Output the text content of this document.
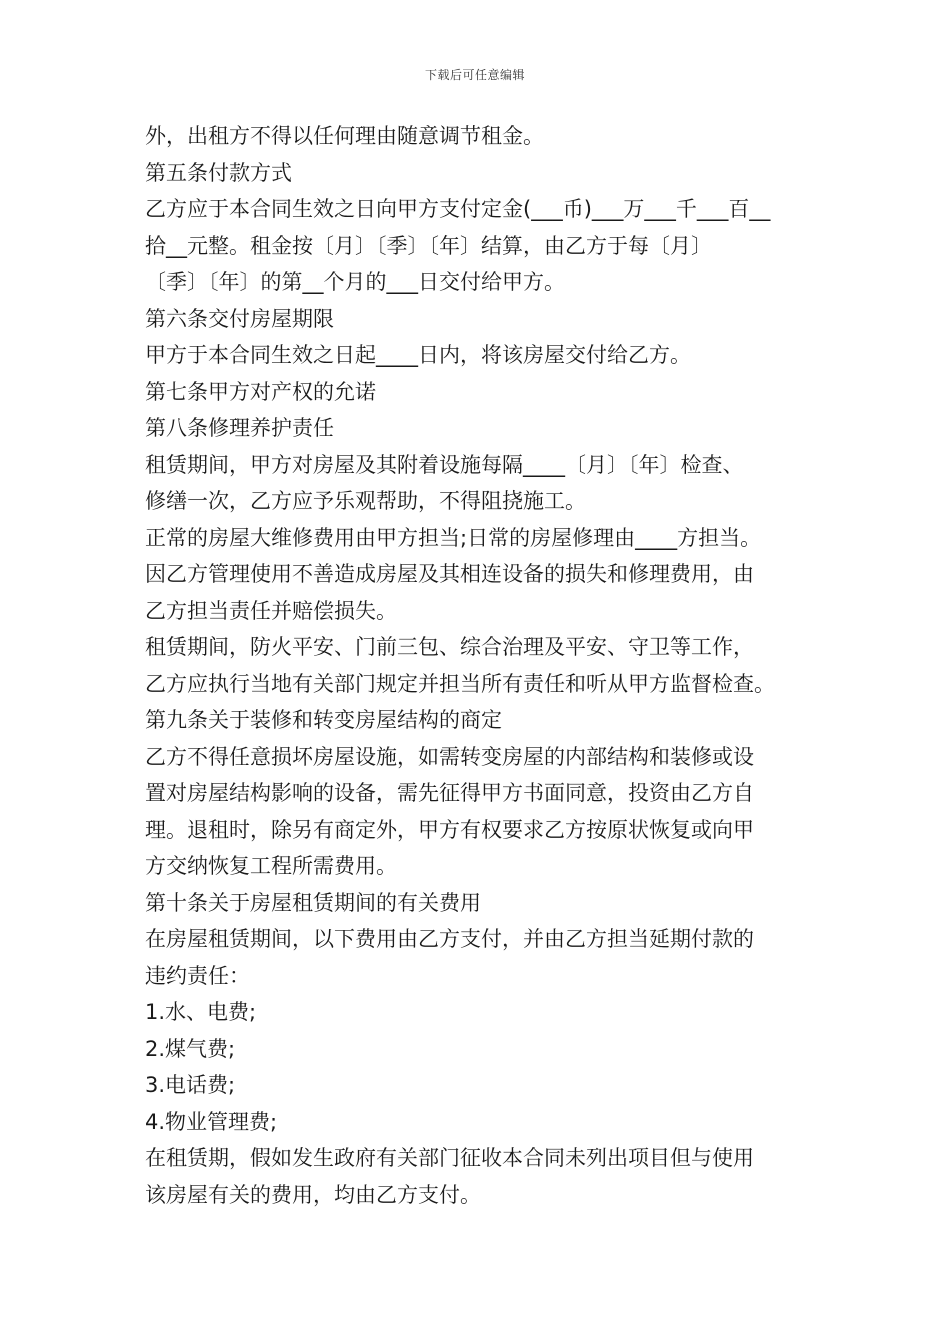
下载后可任意编辑
外，出租方不得以任何理由随意调节租金。
第五条付款方式
乙方应于本合同生效之日向甲方支付定金(___币)___万___千___百__
拾__元整。租金按〔月〕〔季〕〔年〕结算，由乙方于每〔月〕
〔季〕〔年〕的第__个月的___日交付给甲方。
第六条交付房屋期限
甲方于本合同生效之日起____日内，将该房屋交付给乙方。
第七条甲方对产权的允诺
第八条修理养护责任
租赁期间，甲方对房屋及其附着设施每隔____〔月〕〔年〕检查、
修缮一次，乙方应予乐观帮助，不得阻挠施工。
正常的房屋大维修费用由甲方担当;日常的房屋修理由____方担当。
因乙方管理使用不善造成房屋及其相连设备的损失和修理费用，由
乙方担当责任并赔偿损失。
租赁期间，防火平安、门前三包、综合治理及平安、守卫等工作，
乙方应执行当地有关部门规定并担当所有责任和听从甲方监督检查。
第九条关于装修和转变房屋结构的商定
乙方不得任意损坏房屋设施，如需转变房屋的内部结构和装修或设
置对房屋结构影响的设备，需先征得甲方书面同意，投资由乙方自
理。退租时，除另有商定外，甲方有权要求乙方按原状恢复或向甲
方交纳恢复工程所需费用。
第十条关于房屋租赁期间的有关费用
在房屋租赁期间，以下费用由乙方支付，并由乙方担当延期付款的
违约责任：
1.水、电费;
2.煤气费;
3.电话费;
4.物业管理费;
在租赁期，假如发生政府有关部门征收本合同未列出项目但与使用
该房屋有关的费用，均由乙方支付。
